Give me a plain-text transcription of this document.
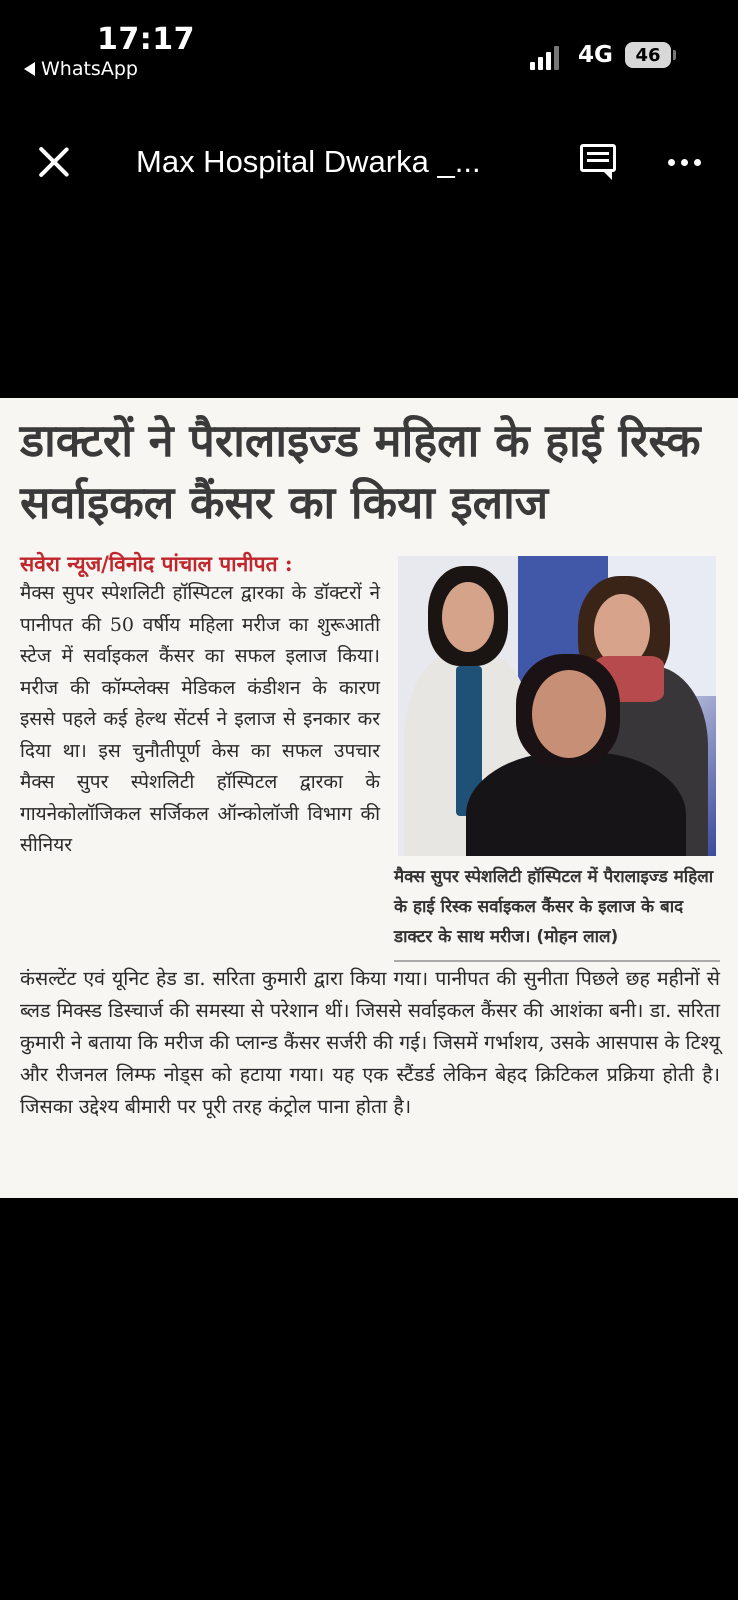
17:17
WhatsApp
4G	46
Max Hospital Dwarka _...
डाक्टरों ने पैरालाइज्ड महिला के हाई रिस्क सर्वाइकल कैंसर का किया इलाज
सवेरा न्यूज/विनोद पांचाल पानीपत :
मैक्स सुपर स्पेशलिटी हॉस्पिटल द्वारका के डॉक्टरों ने पानीपत की 50 वर्षीय महिला मरीज का शुरूआती स्टेज में सर्वाइकल कैंसर का सफल इलाज किया। मरीज की कॉम्प्लेक्स मेडिकल कंडीशन के कारण इससे पहले कई हेल्थ सेंटर्स ने इलाज से इनकार कर दिया था। इस चुनौतीपूर्ण केस का सफल उपचार मैक्स सुपर स्पेशलिटी हॉस्पिटल द्वारका के गायनेकोलॉजिकल सर्जिकल ऑन्कोलॉजी विभाग की सीनियर
मैक्स सुपर स्पेशलिटी हॉस्पिटल में पैरालाइज्ड महिला के हाई रिस्क सर्वाइकल कैंसर के इलाज के बाद डाक्टर के साथ मरीज। (मोहन लाल)
कंसल्टेंट एवं यूनिट हेड डा. सरिता कुमारी द्वारा किया गया। पानीपत की सुनीता पिछले छह महीनों से ब्लड मिक्स्ड डिस्चार्ज की समस्या से परेशान थीं। जिससे सर्वाइकल कैंसर की आशंका बनी। डा. सरिता कुमारी ने बताया कि मरीज की प्लान्ड कैंसर सर्जरी की गई। जिसमें गर्भाशय, उसके आसपास के टिश्यू और रीजनल लिम्फ नोड्स को हटाया गया। यह एक स्टैंडर्ड लेकिन बेहद क्रिटिकल प्रक्रिया होती है। जिसका उद्देश्य बीमारी पर पूरी तरह कंट्रोल पाना होता है।
